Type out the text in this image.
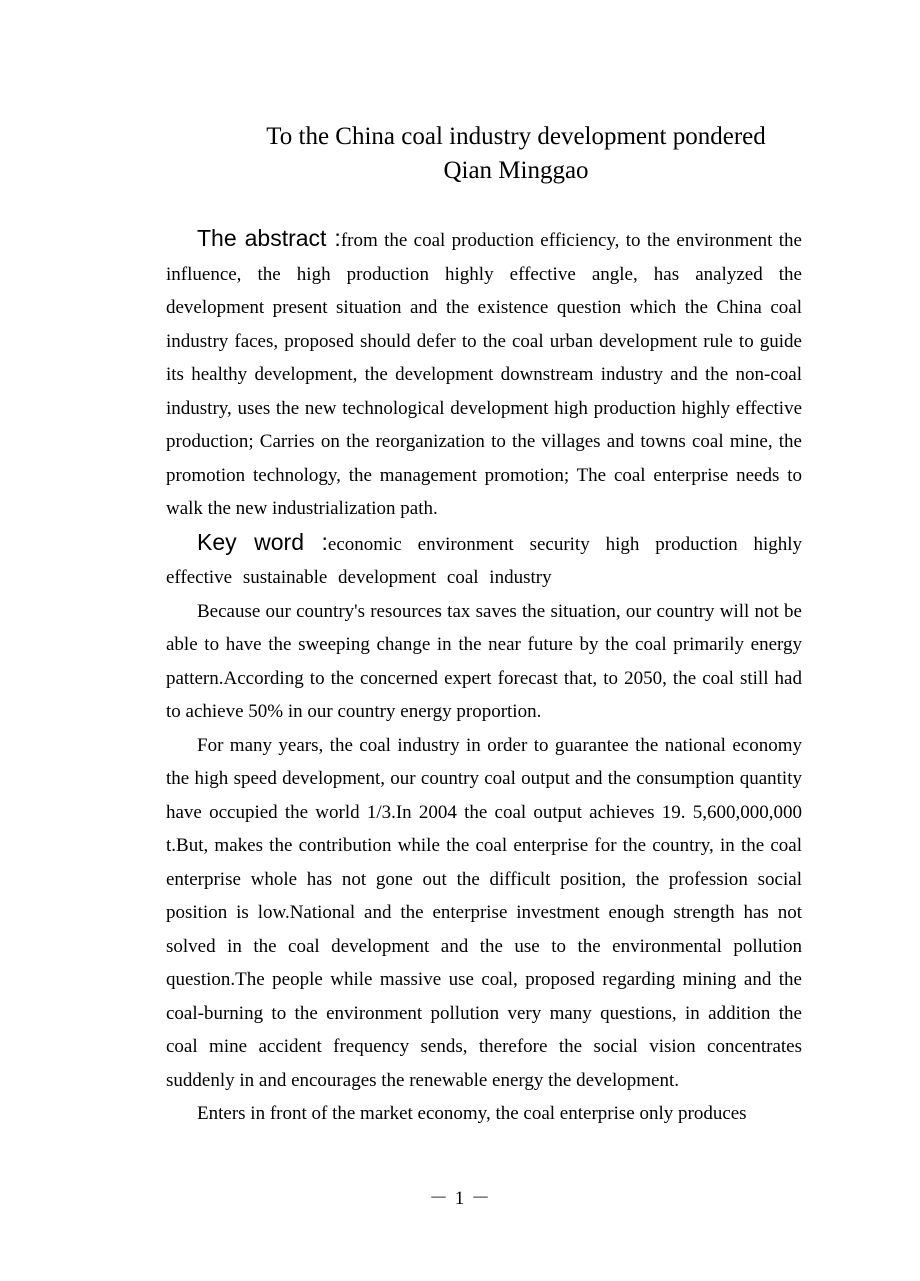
To the China coal industry development pondered
Qian Minggao

The abstract :from the coal production efficiency, to the environment the influence, the high production highly effective angle, has analyzed the development present situation and the existence question which the China coal industry faces, proposed should defer to the coal urban development rule to guide its healthy development, the development downstream industry and the non-coal industry, uses the new technological development high production highly effective production; Carries on the reorganization to the villages and towns coal mine, the promotion technology, the management promotion; The coal enterprise needs to walk the new industrialization path.

Key word :economic environment security high production highly effective sustainable development coal industry

Because our country's resources tax saves the situation, our country will not be able to have the sweeping change in the near future by the coal primarily energy pattern.According to the concerned expert forecast that, to 2050, the coal still had to achieve 50% in our country energy proportion.

For many years, the coal industry in order to guarantee the national economy the high speed development, our country coal output and the consumption quantity have occupied the world 1/3.In 2004 the coal output achieves 19. 5,600,000,000 t.But, makes the contribution while the coal enterprise for the country, in the coal enterprise whole has not gone out the difficult position, the profession social position is low.National and the enterprise investment enough strength has not solved in the coal development and the use to the environmental pollution question.The people while massive use coal, proposed regarding mining and the coal-burning to the environment pollution very many questions, in addition the coal mine accident frequency sends, therefore the social vision concentrates suddenly in and encourages the renewable energy the development.

Enters in front of the market economy, the coal enterprise only produces

－ 1 －
